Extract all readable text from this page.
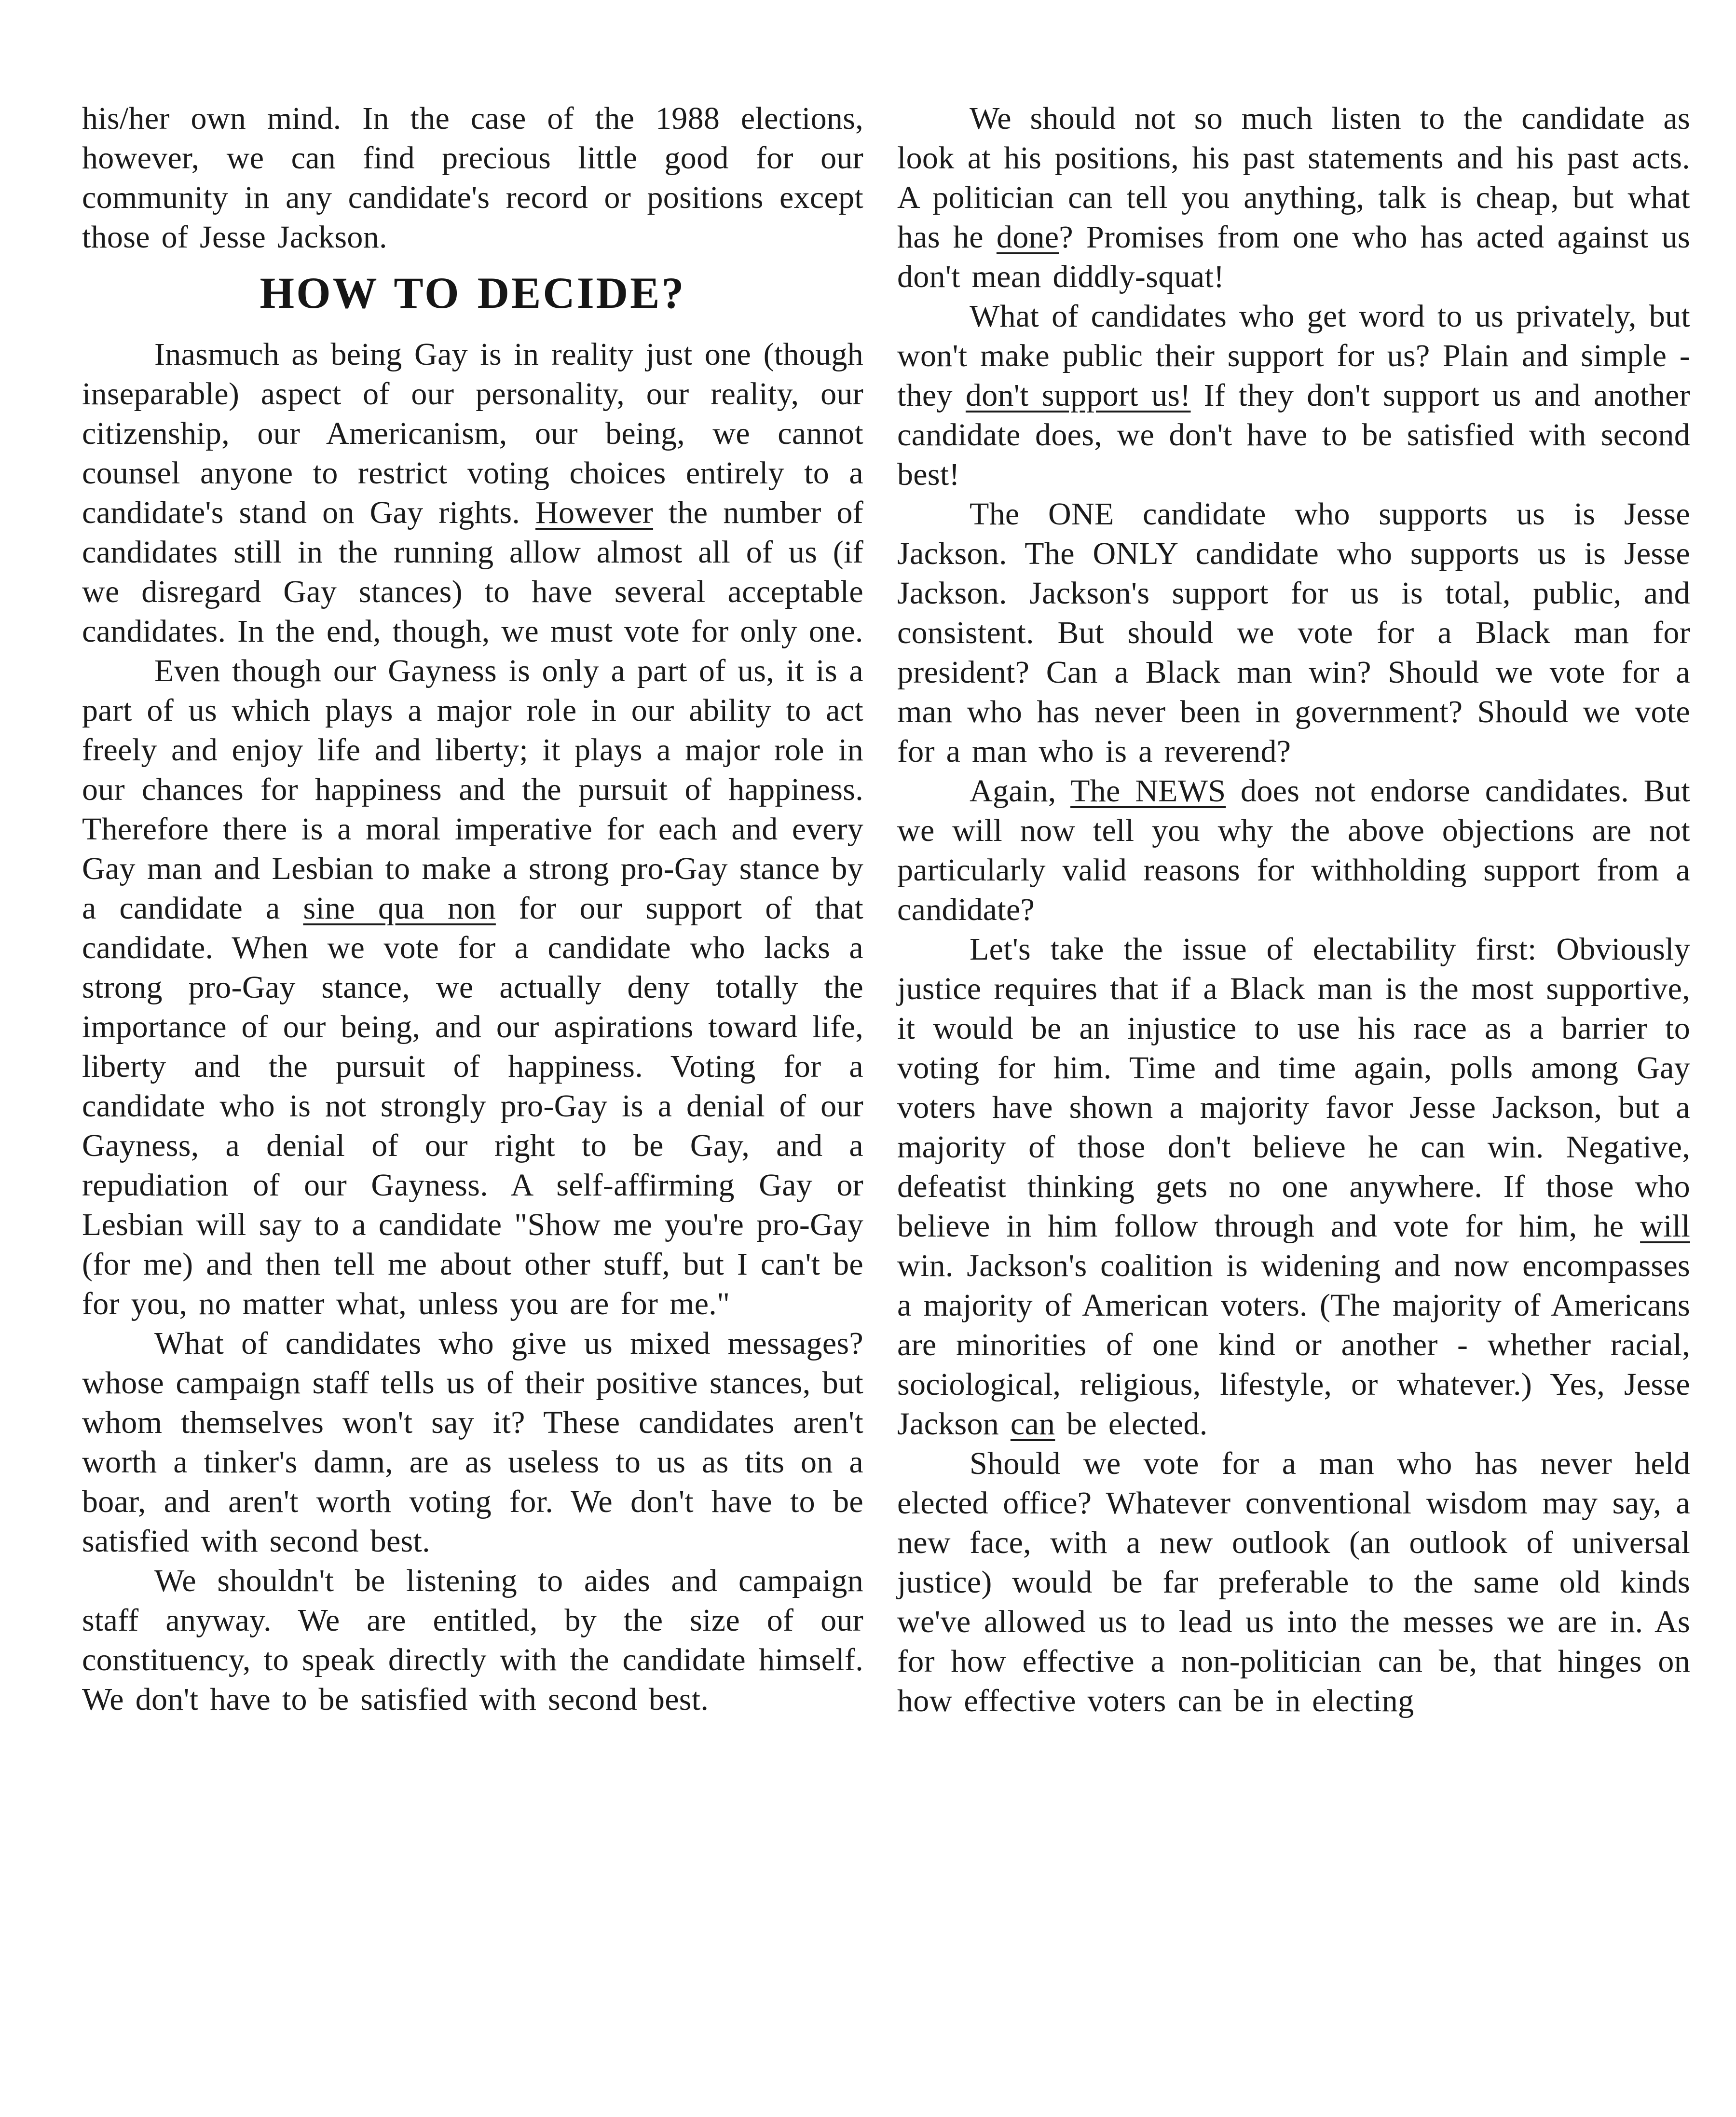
his/her own mind. In the case of the 1988 elections, however, we can find precious little good for our community in any candidate's record or positions except those of Jesse Jackson.

HOW TO DECIDE?

Inasmuch as being Gay is in reality just one (though inseparable) aspect of our personality, our reality, our citizenship, our Americanism, our being, we cannot counsel anyone to restrict voting choices entirely to a candidate's stand on Gay rights. However the number of candidates still in the running allow almost all of us (if we disregard Gay stances) to have several acceptable candidates. In the end, though, we must vote for only one.

Even though our Gayness is only a part of us, it is a part of us which plays a major role in our ability to act freely and enjoy life and liberty; it plays a major role in our chances for happiness and the pursuit of happiness. Therefore there is a moral imperative for each and every Gay man and Lesbian to make a strong pro-Gay stance by a candidate a sine qua non for our support of that candidate. When we vote for a candidate who lacks a strong pro-Gay stance, we actually deny totally the importance of our being, and our aspirations toward life, liberty and the pursuit of happiness. Voting for a candidate who is not strongly pro-Gay is a denial of our Gayness, a denial of our right to be Gay, and a repudiation of our Gayness. A self-affirming Gay or Lesbian will say to a candidate "Show me you're pro-Gay (for me) and then tell me about other stuff, but I can't be for you, no matter what, unless you are for me."

What of candidates who give us mixed messages? whose campaign staff tells us of their positive stances, but whom themselves won't say it? These candidates aren't worth a tinker's damn, are as useless to us as tits on a boar, and aren't worth voting for. We don't have to be satisfied with second best.

We shouldn't be listening to aides and campaign staff anyway. We are entitled, by the size of our constituency, to speak directly with the candidate himself. We don't have to be satisfied with second best.

We should not so much listen to the candidate as look at his positions, his past statements and his past acts. A politician can tell you anything, talk is cheap, but what has he done? Promises from one who has acted against us don't mean diddly-squat!

What of candidates who get word to us privately, but won't make public their support for us? Plain and simple - they don't support us! If they don't support us and another candidate does, we don't have to be satisfied with second best!

The ONE candidate who supports us is Jesse Jackson. The ONLY candidate who supports us is Jesse Jackson. Jackson's support for us is total, public, and consistent. But should we vote for a Black man for president? Can a Black man win? Should we vote for a man who has never been in government? Should we vote for a man who is a reverend?

Again, The NEWS does not endorse candidates. But we will now tell you why the above objections are not particularly valid reasons for withholding support from a candidate?

Let's take the issue of electability first: Obviously justice requires that if a Black man is the most supportive, it would be an injustice to use his race as a barrier to voting for him. Time and time again, polls among Gay voters have shown a majority favor Jesse Jackson, but a majority of those don't believe he can win. Negative, defeatist thinking gets no one anywhere. If those who believe in him follow through and vote for him, he will win. Jackson's coalition is widening and now encompasses a majority of American voters. (The majority of Americans are minorities of one kind or another - whether racial, sociological, religious, lifestyle, or whatever.) Yes, Jesse Jackson can be elected.

Should we vote for a man who has never held elected office? Whatever conventional wisdom may say, a new face, with a new outlook (an outlook of universal justice) would be far preferable to the same old kinds we've allowed us to lead us into the messes we are in. As for how effective a non-politician can be, that hinges on how effective voters can be in electing
